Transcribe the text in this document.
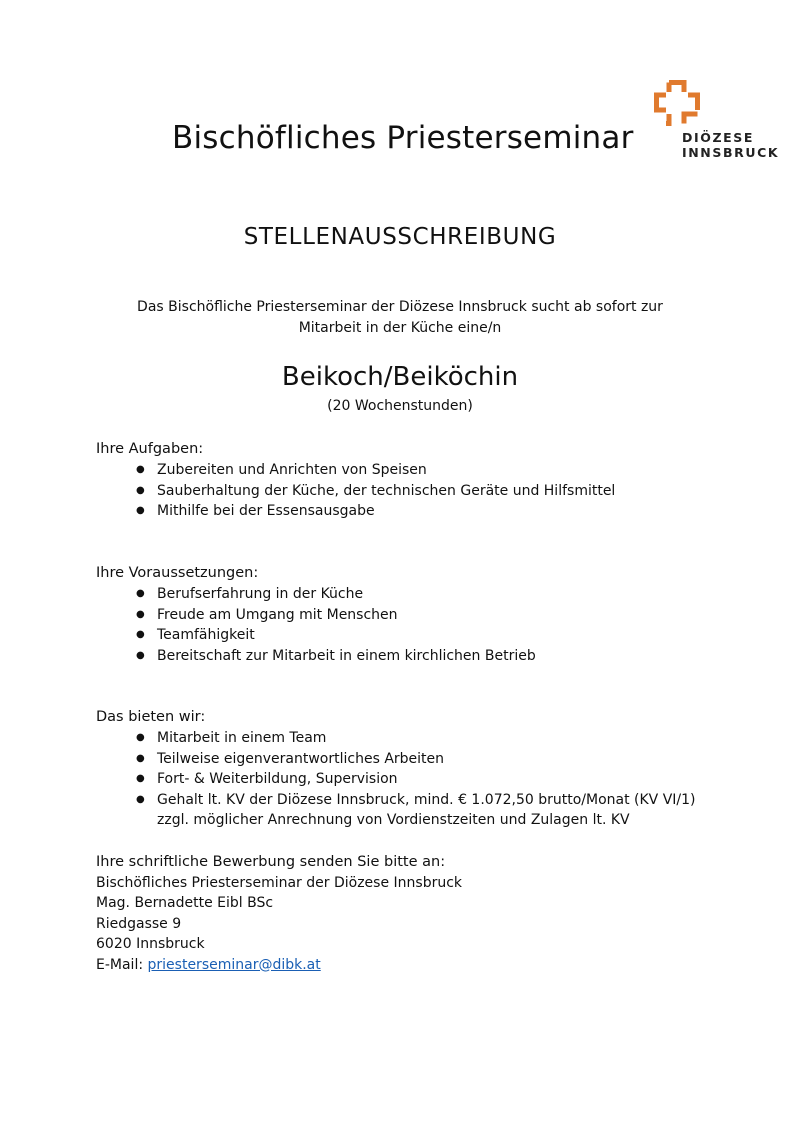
Bischöfliches Priesterseminar	DIÖZESE
INNSBRUCK
STELLENAUSSCHREIBUNG
Das Bischöfliche Priesterseminar der Diözese Innsbruck sucht ab sofort zur
Mitarbeit in der Küche eine/n
Beikoch/Beiköchin
(20 Wochenstunden)
Ihre Aufgaben:
● Zubereiten und Anrichten von Speisen
● Sauberhaltung der Küche, der technischen Geräte und Hilfsmittel
● Mithilfe bei der Essensausgabe
Ihre Voraussetzungen:
● Berufserfahrung in der Küche
● Freude am Umgang mit Menschen
● Teamfähigkeit
● Bereitschaft zur Mitarbeit in einem kirchlichen Betrieb
Das bieten wir:
● Mitarbeit in einem Team
● Teilweise eigenverantwortliches Arbeiten
● Fort- & Weiterbildung, Supervision
● Gehalt lt. KV der Diözese Innsbruck, mind. € 1.072,50 brutto/Monat (KV VI/1)
zzgl. möglicher Anrechnung von Vordienstzeiten und Zulagen lt. KV
Ihre schriftliche Bewerbung senden Sie bitte an:
Bischöfliches Priesterseminar der Diözese Innsbruck
Mag. Bernadette Eibl BSc
Riedgasse 9
6020 Innsbruck
E-Mail: priesterseminar@dibk.at
